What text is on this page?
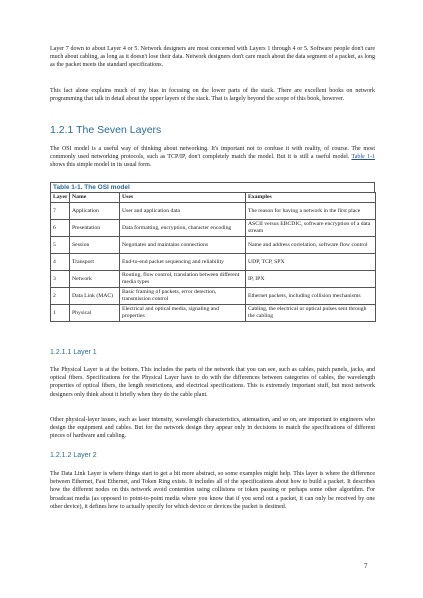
Layer 7 down to about Layer 4 or 5. Network designers are most concerned with Layers 1 through 4 or 5. Software people don't care much about cabling, as long as it doesn't lose their data. Network designers don't care much about the data segment of a packet, as long as the packet meets the standard specifications.

This fact alone explains much of my bias in focusing on the lower parts of the stack. There are excellent books on network programming that talk in detail about the upper layers of the stack. That is largely beyond the scope of this book, however.

1.2.1 The Seven Layers

The OSI model is a useful way of thinking about networking. It's important not to confuse it with reality, of course. The most commonly used networking protocols, such as TCP/IP, don't completely match the model. But it is still a useful model. Table 1-1 shows this simple model in its usual form.

Table 1-1. The OSI model
Layer	Name	Uses	Examples
7	Application	User and application data	The reason for having a network in the first place
6	Presentation	Data formatting, encryption, character encoding	ASCII versus EBCDIC, software encryption of a data stream
5	Session	Negotiates and maintains connections	Name and address correlation, software flow control
4	Transport	End-to-end packet sequencing and reliability	UDP, TCP, SPX
3	Network	Routing, flow control, translation between different media types	IP, IPX
2	Data Link (MAC)	Basic framing of packets, error detection, transmission control	Ethernet packets, including collision mechanisms
1	Physical	Electrical and optical media, signaling and properties	Cabling, the electrical or optical pulses sent through the cabling
1.2.1.1 Layer 1

The Physical Layer is at the bottom. This includes the parts of the network that you can see, such as cables, patch panels, jacks, and optical fibers. Specifications for the Physical Layer have to do with the differences between categories of cables, the wavelength properties of optical fibers, the length restrictions, and electrical specifications. This is extremely important stuff, but most network designers only think about it briefly when they do the cable plant.

Other physical-layer issues, such as laser intensity, wavelength characteristics, attenuation, and so on, are important to engineers who design the equipment and cables. But for the network design they appear only in decisions to match the specifications of different pieces of hardware and cabling.

1.2.1.2 Layer 2

The Data Link Layer is where things start to get a bit more abstract, so some examples might help. This layer is where the difference between Ethernet, Fast Ethernet, and Token Ring exists. It includes all of the specifications about how to build a packet. It describes how the different nodes on this network avoid contention using collisions or token passing or perhaps some other algorithm. For broadcast media (as opposed to point-to-point media where you know that if you send out a packet, it can only be received by one other device), it defines how to actually specify for which device or devices the packet is destined.

7
